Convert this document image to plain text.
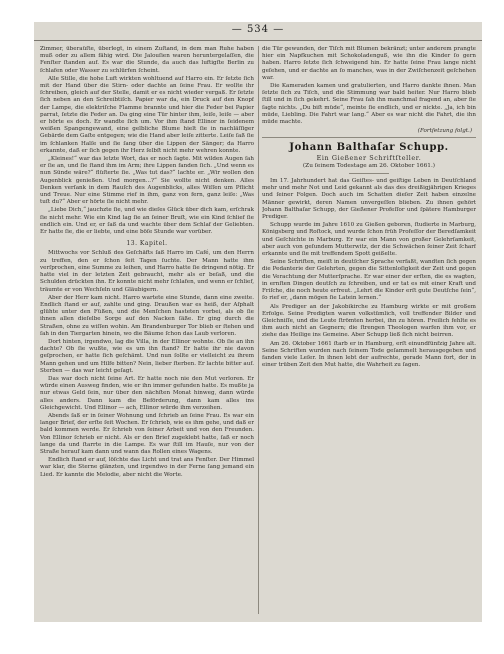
— 534 —

Zimmer, überaüſte, überlegt, in einem Zuſtand, in dem man Ruhe haben muß oder zu allem fähig wird. Die Jalouſien waren heruntergelaſſen, die Fenſter ſtanden auf. Es war die Stunde, da auch das luftigſte Berlin zu ſchlafen oder Wasser zu schlürfen ſcheint.

Alle Stille, die hohe Luft wirkten wohltuend auf Harro ein. Er ſetzte ſich mit der Hand über die Stirn- oder dachte an ſeine Frau. Er wollte ihr ſchreiben, gleich auf der Stelle, damit er es nicht wieder vergaß. Er ſetzte ſich neben an den Schreibtiſch. Papier war da, ein Druck auf den Knopf der Lampe, die elektriſche Flamme brannte und hier die Feder bei Papier parrat, ſetzte die Feder an. Da ging eine Tür hinter ihm, leiſe, leiſe — aber er hörte es doch. Er wandte ſich um. Vor ihm ſtand Ellinor in ſeidenem weißen Spangengewand, eine gelbliche Blume hielt ſie in nachläſſiger Gebärde dem Gaſte entgegen; wie die Hand aber leiſe zitterte. Leiſe ſaß ſie im ſchlanken Halſe und ſie ſang über die Lippen der Sänger; da Harro erkannte, daß er ſich gegen ihr Herz ſelbſt nicht mehr wehren konnte.

„Kleines!“ war das letzte Wort, das er noch ſagte. Mit wilden Augen ſah er ſie an, und ſie ſtand ihm im Arm; ihre Lippen fanden ſich. „Und wenn es nun Sünde wäre?“ flüſterte ſie. „Was tut das?“ lachte er. „Wir wollen den Augenblick genießen. Und morgen...?“ Sie wollte nicht denken. Alles Denken verſank in dem Rauſch des Augenblicks, alles Wiſſen um Pflicht und Treue. Nur eine Stimme rief in ihm, ganz von fern, ganz leiſe: „Was tuſt du?“ Aber er hörte ſie nicht mehr.

„Liebe Dich,“ jauchzte ſie, und wie dieſes Glück über dich kam, erſchrak ſie nicht mehr. Wie ein Kind lag ſie an ſeiner Bruſt, wie ein Kind ſchlief ſie endlich ein. Und er, er ſaß da und wachte über dem Schlaf der Geliebten. Er hatte ſie, die er liebte, und eine böſe Stunde war vorüber.

13. Kapitel.

Mittwochs vor Schluß des Geſchäfts ſaß Harro im Café, um den Herrn zu treffen, den er ſchon ſeit Tagen ſuchte. Der Mann hatte ihm verſprochen, eine Summe zu leihen, und Harro hatte ſie dringend nötig. Er hatte viel in der letzten Zeit gebraucht, mehr als er beſaß, und die Schulden drückten ihn. Er konnte nicht mehr ſchlafen, und wenn er ſchlief, träumte er von Wechſeln und Gläubigern.

Aber der Herr kam nicht. Harro wartete eine Stunde, dann eine zweite. Endlich ſtand er auf, zahlte und ging. Draußen war es heiß, der Aſphalt glühte unter den Füßen, und die Menſchen hasteten vorbei, als ob ſie ihnen allen dieſelbe Sorge auf den Nacken ſäße. Er ging durch die Straßen, ohne zu wiſſen wohin. Am Brandenburger Tor blieb er ſtehen und ſah in den Tiergarten hinein, wo die Bäume ſchon das Laub verloren.

Dort hinten, irgendwo, lag die Villa, in der Ellinor wohnte. Ob ſie an ihn dachte? Ob ſie wußte, wie es um ihn ſtand? Er hatte ihr nie davon geſprochen, er hatte ſich geſchämt. Und nun ſollte er vielleicht zu ihrem Mann gehen und um Hilfe bitten? Nein, lieber ſterben. Er lachte bitter auf. Sterben — das war leicht geſagt.

Das war doch nicht ſeine Art. Er hatte noch nie den Mut verloren. Er würde einen Ausweg finden, wie er ihn immer gefunden hatte. Es mußte ja nur etwas Geld ſein, nur über den nächſten Monat hinweg, dann würde alles anders. Dann kam die Beförderung, dann kam alles ins Gleichgewicht. Und Ellinor — ach, Ellinor würde ihm verzeihen.

Abends ſaß er in ſeiner Wohnung und ſchrieb an ſeine Frau. Es war ein langer Brief, der erſte ſeit Wochen. Er ſchrieb, wie es ihm gehe, und daß er bald kommen werde. Er ſchrieb von ſeiner Arbeit und von den Freunden. Von Ellinor ſchrieb er nicht. Als er den Brief zugeklebt hatte, ſaß er noch lange da und ſtarrte in die Lampe. Es war ſtill im Hauſe, nur von der Straße herauf kam dann und wann das Rollen eines Wagens.

Endlich ſtand er auf, löſchte das Licht und trat ans Fenſter. Der Himmel war klar, die Sterne glänzten, und irgendwo in der Ferne ſang jemand ein Lied. Er kannte die Melodie, aber nicht die Worte.

die Tür gewunden, der Tiſch mit Blumen bekränzt; unter anderem prangte hier ein Napfkuchen mit Schokoladenguß, wie ihn die Kinder ſo gern haben. Harro ſetzte ſich ſchweigend hin. Er hatte ſeine Frau lange nicht geſehen, und er dachte an ſo manches, was in der Zwiſchenzeit geſchehen war.

Die Kameraden kamen und gratulierten, und Harro dankte ihnen. Man ſetzte ſich zu Tiſch, und die Stimmung war bald heiter. Nur Harro blieb ſtill und in ſich gekehrt. Seine Frau ſah ihn manchmal fragend an, aber ſie ſagte nichts. „Du biſt müde“, meinte ſie endlich, und er nickte. „Ja, ich bin müde, Liebling. Die Fahrt war lang.“ Aber es war nicht die Fahrt, die ihn müde machte.

(Fortſetzung folgt.)
Johann Balthaſar Schupp.
Ein Gießener Schriftſteller.
(Zu ſeinem Todestage am 26. Oktober 1661.)

Im 17. Jahrhundert hat das Geiſtes- und geiſtige Leben in Deutſchland mehr und mehr Not und Leid gekannt als das des dreißigjährigen Krieges und ſeiner Folgen. Doch auch im Schatten dieſer Zeit haben einzelne Männer gewirkt, deren Namen unvergeſſen blieben. Zu ihnen gehört Johann Balthaſar Schupp, der Gießener Profeſſor und ſpätere Hamburger Prediger.

Schupp wurde im Jahre 1610 zu Gießen geboren, ſtudierte in Marburg, Königsberg und Roſtock, und wurde ſchon früh Profeſſor der Beredſamkeit und Geſchichte in Marburg. Er war ein Mann von großer Gelehrſamkeit, aber auch von geſundem Mutterwitz, der die Schwächen ſeiner Zeit ſcharf erkannte und ſie mit treffendem Spott geißelte.

Seine Schriften, meiſt in deutſcher Sprache verfaßt, wandten ſich gegen die Pedanterie der Gelehrten, gegen die Sittenloſigkeit der Zeit und gegen die Verachtung der Mutterſprache. Er war einer der erſten, die es wagten, in ernſten Dingen deutſch zu ſchreiben, und er tat es mit einer Kraft und Friſche, die noch heute erfreut. „Lehrt die Kinder erſt gute Deutſche ſein“, ſo rief er, „dann mögen ſie Latein lernen.“

Als Prediger an der Jakobikirche zu Hamburg wirkte er mit großem Erfolge. Seine Predigten waren volkstümlich, voll treffender Bilder und Gleichniſſe, und die Leute ſtrömten herbei, ihn zu hören. Freilich fehlte es ihm auch nicht an Gegnern; die ſtrengen Theologen warfen ihm vor, er ziehe das Heilige ins Gemeine. Aber Schupp ließ ſich nicht beirren.

Am 26. Oktober 1661 ſtarb er in Hamburg, erſt einundfünfzig Jahre alt. Seine Schriften wurden nach ſeinem Tode geſammelt herausgegeben und fanden viele Leſer. In ihnen lebt der aufrechte, gerade Mann fort, der in einer trüben Zeit den Mut hatte, die Wahrheit zu ſagen.
